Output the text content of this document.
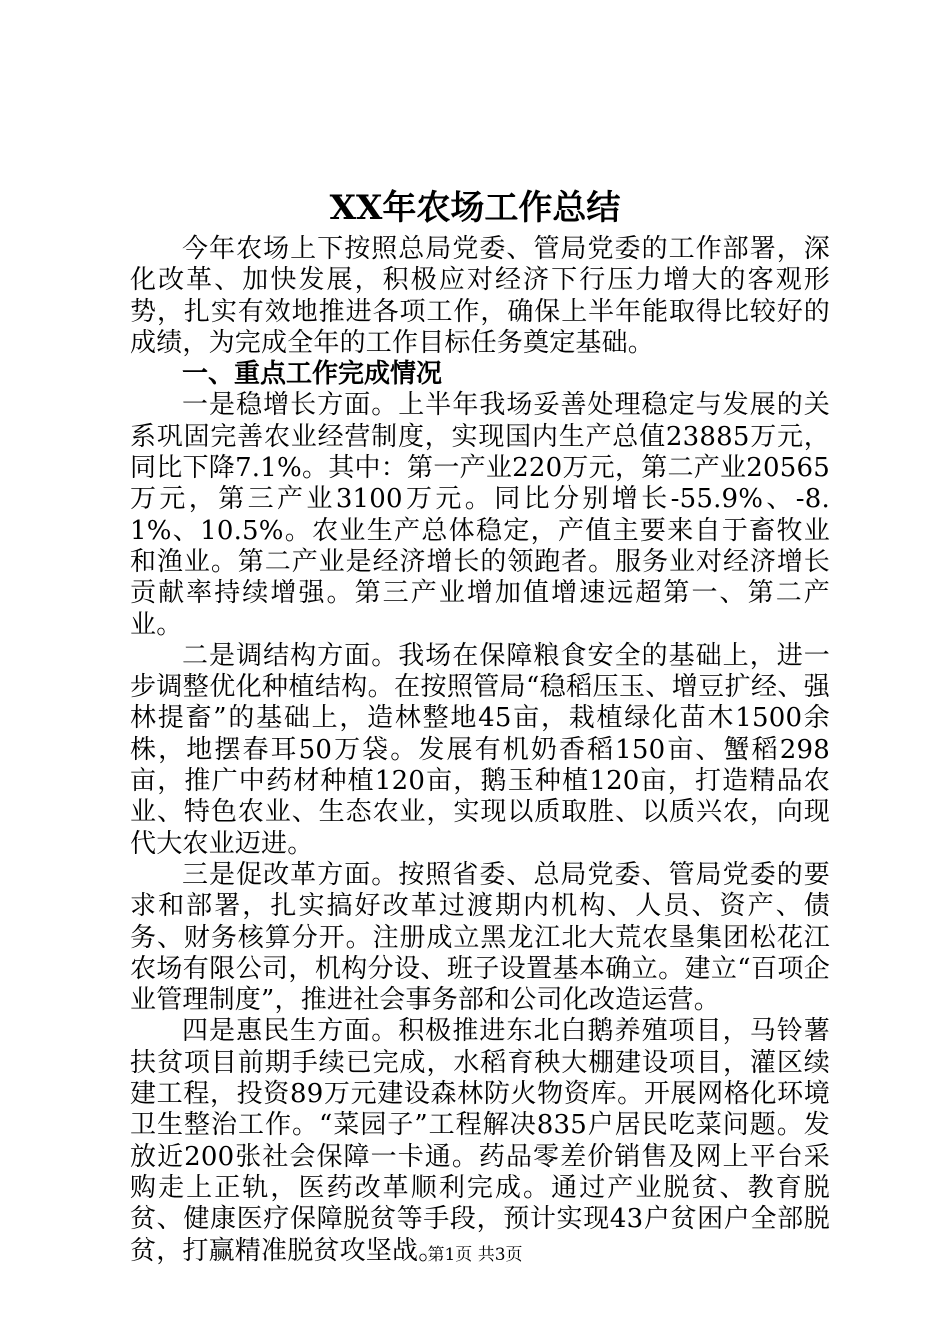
XX年农场工作总结

今年农场上下按照总局党委、管局党委的工作部署，深化改革、加快发展，积极应对经济下行压力增大的客观形势，扎实有效地推进各项工作，确保上半年能取得比较好的成绩，为完成全年的工作目标任务奠定基础。

一、重点工作完成情况

一是稳增长方面。上半年我场妥善处理稳定与发展的关系巩固完善农业经营制度，实现国内生产总值23885万元，同比下降7.1%。其中：第一产业220万元，第二产业20565万元，第三产业3100万元。同比分别增长-55.9%、-8.1%、10.5%。农业生产总体稳定，产值主要来自于畜牧业和渔业。第二产业是经济增长的领跑者。服务业对经济增长贡献率持续增强。第三产业增加值增速远超第一、第二产业。

二是调结构方面。我场在保障粮食安全的基础上，进一步调整优化种植结构。在按照管局“稳稻压玉、增豆扩经、强林提畜”的基础上，造林整地45亩，栽植绿化苗木1500余株，地摆春耳50万袋。发展有机奶香稻150亩、蟹稻298亩，推广中药材种植120亩，鹅玉种植120亩，打造精品农业、特色农业、生态农业，实现以质取胜、以质兴农，向现代大农业迈进。

三是促改革方面。按照省委、总局党委、管局党委的要求和部署，扎实搞好改革过渡期内机构、人员、资产、债务、财务核算分开。注册成立黑龙江北大荒农垦集团松花江农场有限公司，机构分设、班子设置基本确立。建立“百项企业管理制度”，推进社会事务部和公司化改造运营。

四是惠民生方面。积极推进东北白鹅养殖项目，马铃薯扶贫项目前期手续已完成，水稻育秧大棚建设项目，灌区续建工程，投资89万元建设森林防火物资库。开展网格化环境卫生整治工作。“菜园子”工程解决835户居民吃菜问题。发放近200张社会保障一卡通。药品零差价销售及网上平台采购走上正轨，医药改革顺利完成。通过产业脱贫、教育脱贫、健康医疗保障脱贫等手段，预计实现43户贫困户全部脱贫，打赢精准脱贫攻坚战。

第1页 共3页
